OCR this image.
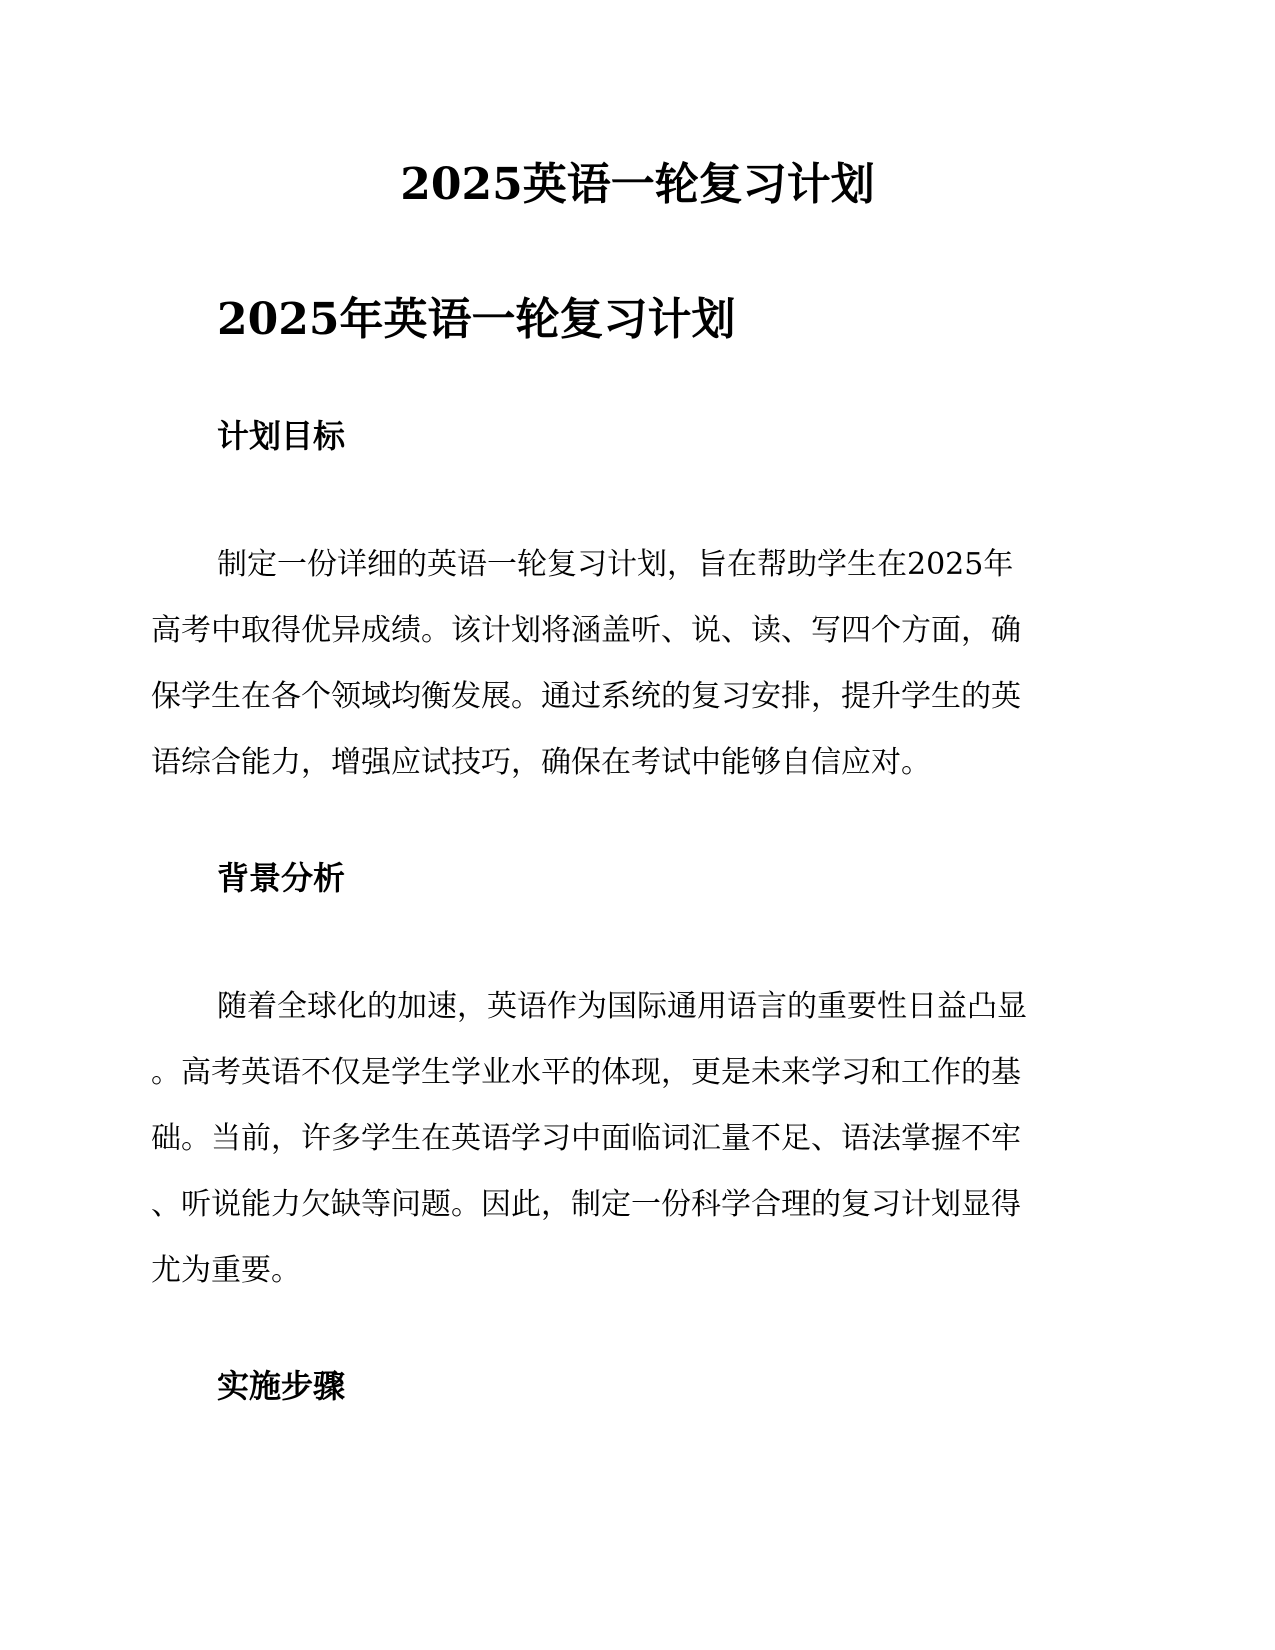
2025英语一轮复习计划
2025年英语一轮复习计划
计划目标
制定一份详细的英语一轮复习计划，旨在帮助学生在2025年
高考中取得优异成绩。该计划将涵盖听、说、读、写四个方面，确
保学生在各个领域均衡发展。通过系统的复习安排，提升学生的英
语综合能力，增强应试技巧，确保在考试中能够自信应对。
背景分析
随着全球化的加速，英语作为国际通用语言的重要性日益凸显
。高考英语不仅是学生学业水平的体现，更是未来学习和工作的基
础。当前，许多学生在英语学习中面临词汇量不足、语法掌握不牢
、听说能力欠缺等问题。因此，制定一份科学合理的复习计划显得
尤为重要。
实施步骤
